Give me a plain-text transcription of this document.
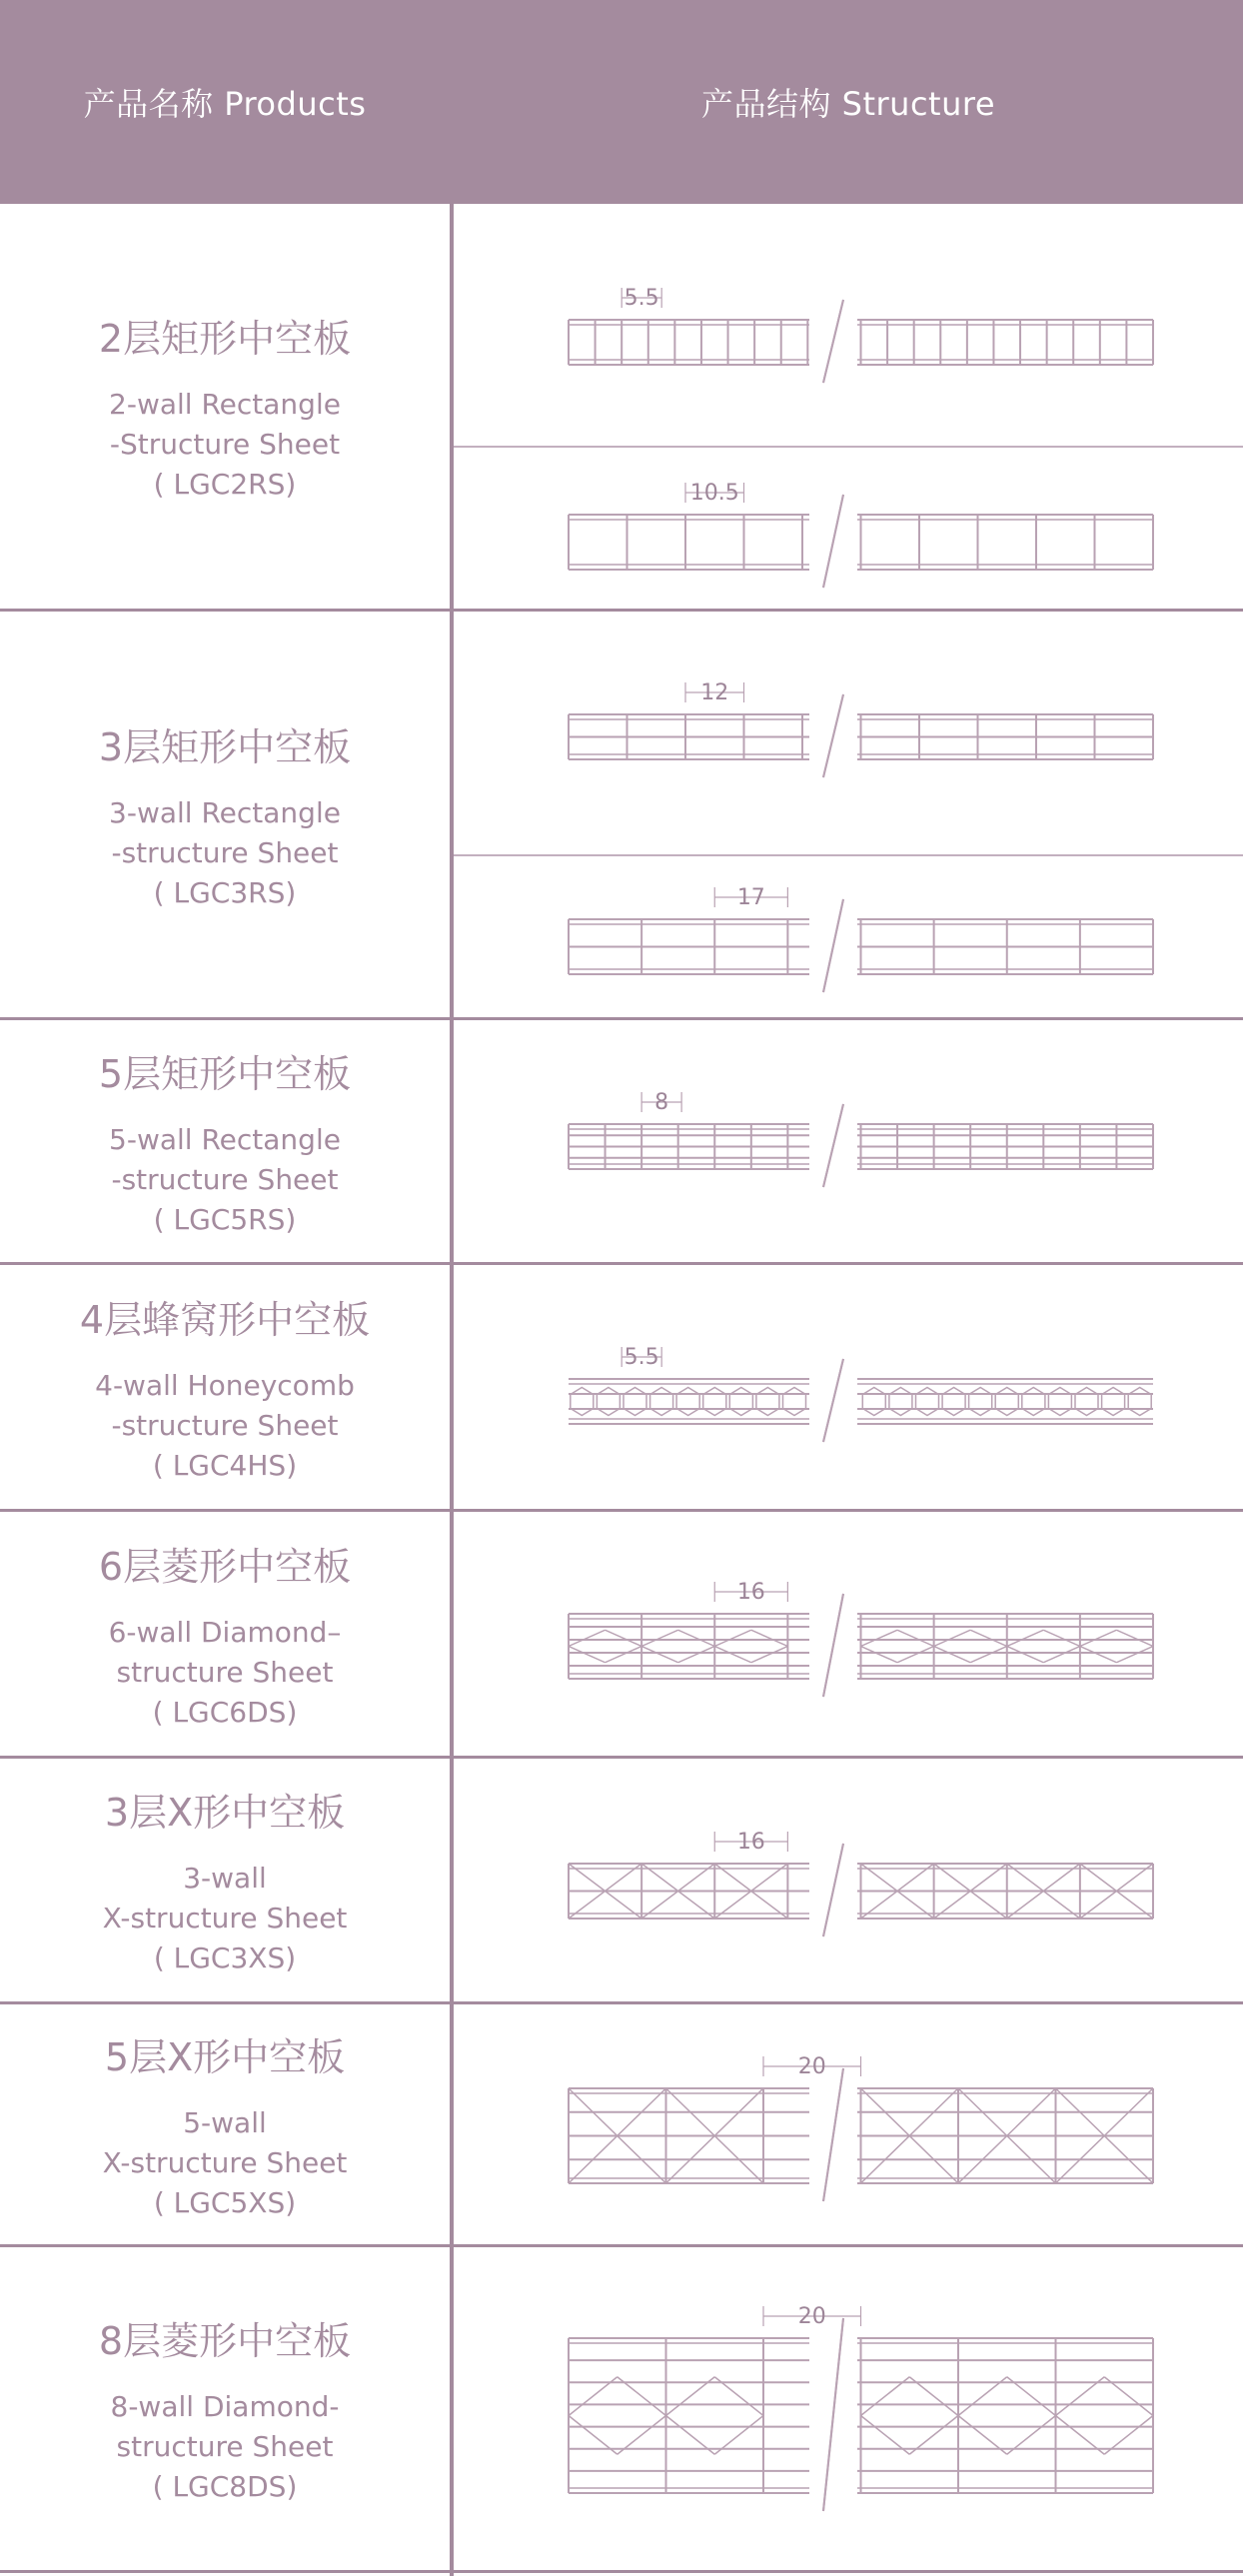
产品名称 Products	产品结构 Structure
2层矩形中空板
2-wall Rectangle
-Structure Sheet
( LGC2RS)
3层矩形中空板
3-wall Rectangle
-structure Sheet
( LGC3RS)
5层矩形中空板
5-wall Rectangle
-structure Sheet
( LGC5RS)
4层蜂窝形中空板
4-wall Honeycomb
-structure Sheet
( LGC4HS)
6层菱形中空板
6-wall Diamond–
structure Sheet
( LGC6DS)
3层X形中空板
3-wall
X-structure Sheet
( LGC3XS)
5层X形中空板
5-wall
X-structure Sheet
( LGC5XS)
8层菱形中空板
8-wall Diamond-
structure Sheet
( LGC8DS)
5.5
10.5
12
17
8
5.5
16
16
20
20
